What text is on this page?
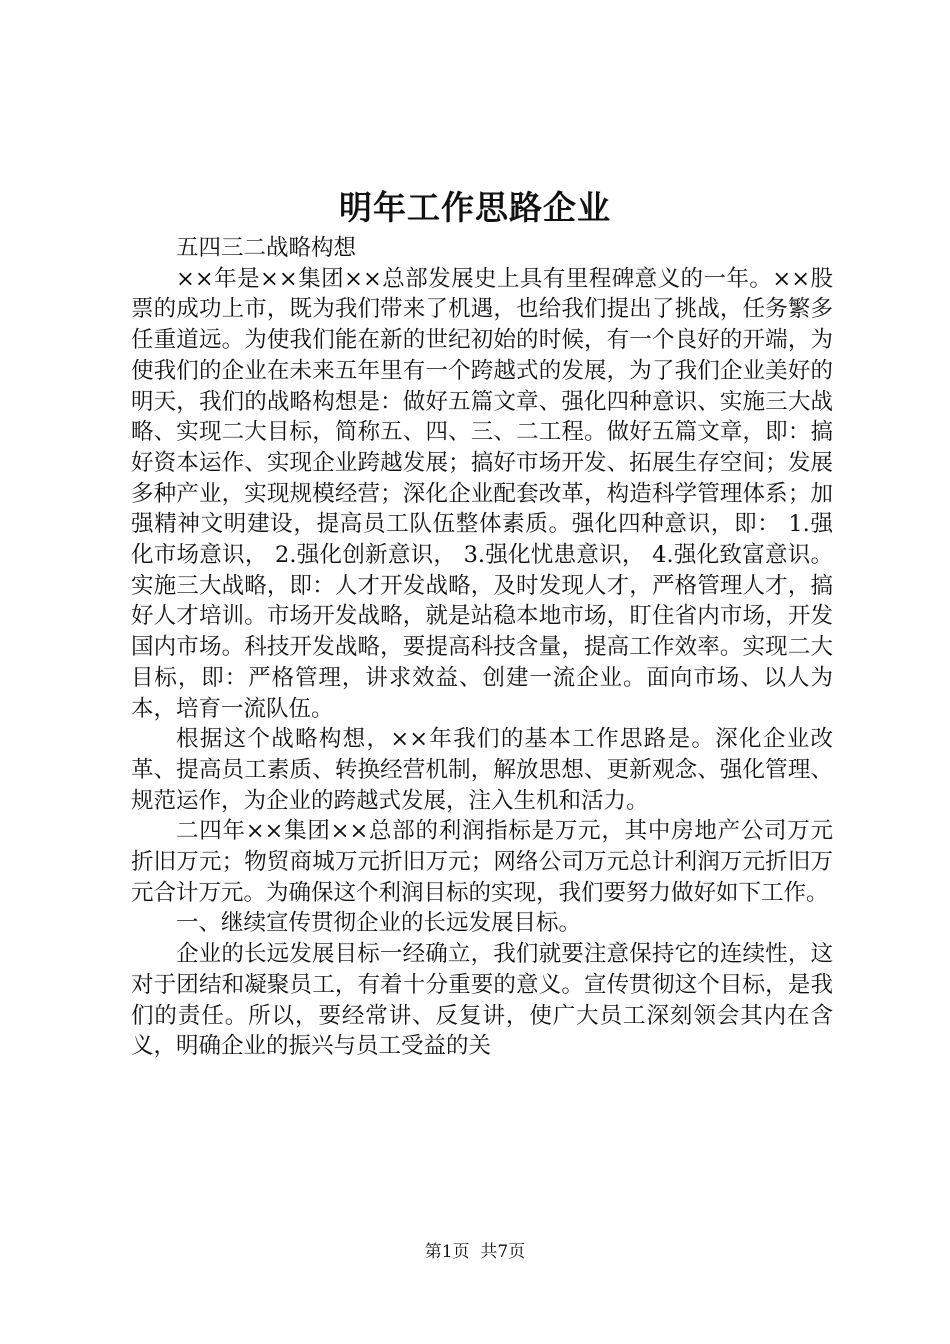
明年工作思路企业

五四三二战略构想

××年是××集团××总部发展史上具有里程碑意义的一年。××股票的成功上市，既为我们带来了机遇，也给我们提出了挑战，任务繁多任重道远。为使我们能在新的世纪初始的时候，有一个良好的开端，为使我们的企业在未来五年里有一个跨越式的发展，为了我们企业美好的明天，我们的战略构想是：做好五篇文章、强化四种意识、实施三大战略、实现二大目标，简称五、四、三、二工程。做好五篇文章，即：搞好资本运作、实现企业跨越发展；搞好市场开发、拓展生存空间；发展多种产业，实现规模经营；深化企业配套改革，构造科学管理体系；加强精神文明建设，提高员工队伍整体素质。强化四种意识，即： 1.强化市场意识， 2.强化创新意识， 3.强化忧患意识， 4.强化致富意识。实施三大战略，即：人才开发战略，及时发现人才，严格管理人才，搞好人才培训。市场开发战略，就是站稳本地市场，盯住省内市场，开发国内市场。科技开发战略，要提高科技含量，提高工作效率。实现二大目标，即：严格管理，讲求效益、创建一流企业。面向市场、以人为本，培育一流队伍。

根据这个战略构想，××年我们的基本工作思路是。深化企业改革、提高员工素质、转换经营机制，解放思想、更新观念、强化管理、规范运作，为企业的跨越式发展，注入生机和活力。

二四年××集团××总部的利润指标是万元，其中房地产公司万元折旧万元；物贸商城万元折旧万元；网络公司万元总计利润万元折旧万元合计万元。为确保这个利润目标的实现，我们要努力做好如下工作。

一、继续宣传贯彻企业的长远发展目标。

企业的长远发展目标一经确立，我们就要注意保持它的连续性，这对于团结和凝聚员工，有着十分重要的意义。宣传贯彻这个目标，是我们的责任。所以，要经常讲、反复讲，使广大员工深刻领会其内在含义，明确企业的振兴与员工受益的关

第1页  共7页
